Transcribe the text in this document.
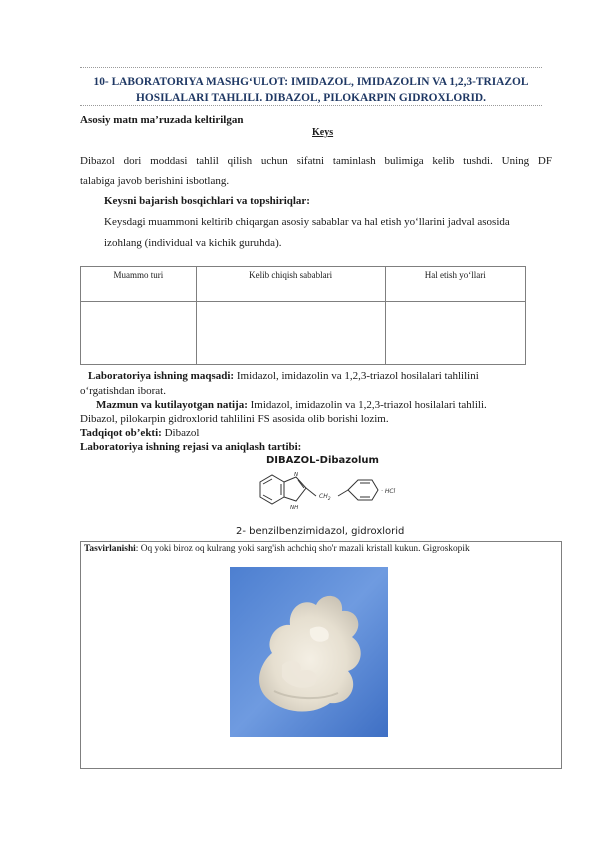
10- LABORATORIYA MASHG‘ULOT: IMIDAZOL, IMIDAZOLIN VA 1,2,3-TRIAZOL
HOSILALARI TAHLILI. DIBAZOL, PILOKARPIN GIDROXLORID.
Asosiy matn ma’ruzada keltirilgan
Keys
Dibazol dori moddasi tahlil qilish uchun sifatni taminlash bulimiga kelib tushdi. Uning DF
talabiga javob berishini isbotlang.
Keysni bajarish bosqichlari va topshiriqlar:
Keysdagi muammoni keltirib chiqargan asosiy sabablar va hal etish yo‘llarini jadval asosida
izohlang (individual va kichik guruhda).
Muammo turi	Kelib chiqish sabablari	Hal etish yo‘llari

Laboratoriya ishning maqsadi: Imidazol, imidazolin va 1,2,3-triazol hosilalari tahlilini
o‘rgatishdan iborat.
Mazmun va kutilayotgan natija: Imidazol, imidazolin va 1,2,3-triazol hosilalari tahlili.
Dibazol, pilokarpin gidroxlorid tahlilini FS asosida olib borishi lozim.
Tadqiqot ob’ekti: Dibazol
Laboratoriya ishning rejasi va aniqlash tartibi:
DIBAZOL-Dibazolum
N
NH
$CH_2$
· HCl
2- benzilbenzimidazol, gidroxlorid
Tasvirlanishi: Oq yoki biroz oq kulrang yoki sarg'ish achchiq sho'r mazali kristall kukun. Gigroskopik
